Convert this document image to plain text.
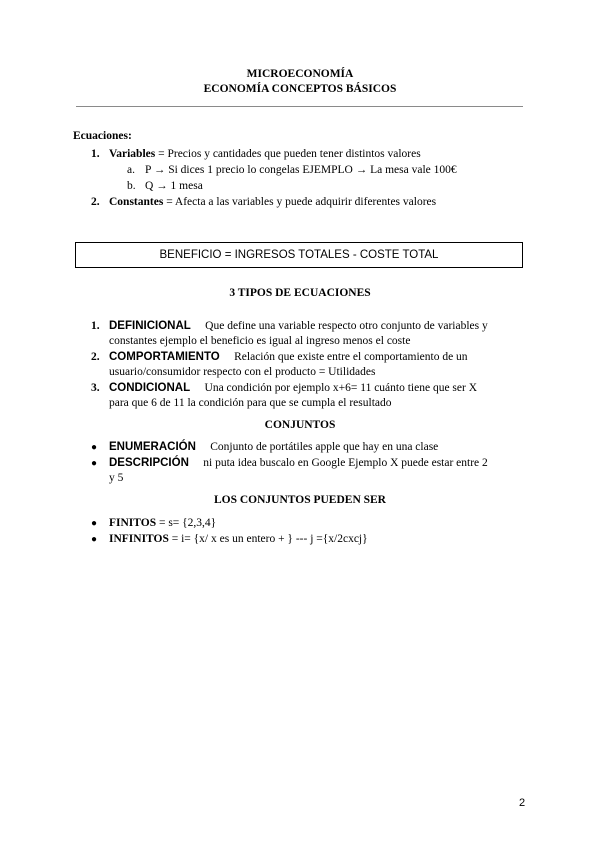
MICROECONOMÍA
ECONOMÍA CONCEPTOS BÁSICOS
Ecuaciones:
1. Variables = Precios y cantidades que pueden tener distintos valores
a. P → Si dices 1 precio lo congelas EJEMPLO → La mesa vale 100€
b. Q → 1 mesa
2. Constantes = Afecta a las variables y puede adquirir diferentes valores
BENEFICIO = INGRESOS TOTALES - COSTE TOTAL
3 TIPOS DE ECUACIONES
1. DEFINICIONAL Que define una variable respecto otro conjunto de variables y
constantes ejemplo el beneficio es igual al ingreso menos el coste
2. COMPORTAMIENTO Relación que existe entre el comportamiento de un
usuario/consumidor respecto con el producto = Utilidades
3. CONDICIONAL Una condición por ejemplo x+6= 11 cuánto tiene que ser X
para que 6 de 11 la condición para que se cumpla el resultado
CONJUNTOS
● ENUMERACIÓN Conjunto de portátiles apple que hay en una clase
● DESCRIPCIÓN ni puta idea buscalo en Google Ejemplo X puede estar entre 2
y 5
LOS CONJUNTOS PUEDEN SER
● FINITOS = s= {2,3,4}
● INFINITOS = i= {x/ x es un entero + } --- j ={x/2cxcj}
2
